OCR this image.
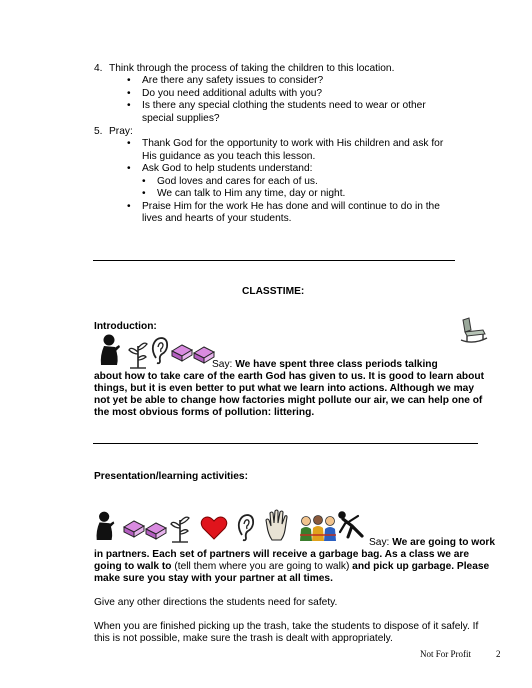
4. Think through the process of taking the children to this location.
• Are there any safety issues to consider?
• Do you need additional adults with you?
• Is there any special clothing the students need to wear or other
special supplies?
5. Pray:
• Thank God for the opportunity to work with His children and ask for
His guidance as you teach this lesson.
• Ask God to help students understand:
• God loves and cares for each of us.
• We can talk to Him any time, day or night.
• Praise Him for the work He has done and will continue to do in the
lives and hearts of your students.
CLASSTIME:
Introduction:
Say: We have spent three class periods talking
about how to take care of the earth God has given to us. It is good to learn about
things, but it is even better to put what we learn into actions. Although we may
not yet be able to change how factories might pollute our air, we can help one of
the most obvious forms of pollution: littering.
Presentation/learning activities:
Say: We are going to work
in partners. Each set of partners will receive a garbage bag. As a class we are
going to walk to (tell them where you are going to walk) and pick up garbage. Please
make sure you stay with your partner at all times.
Give any other directions the students need for safety.
When you are finished picking up the trash, take the students to dispose of it safely. If
this is not possible, make sure the trash is dealt with appropriately.
Not For Profit	2
